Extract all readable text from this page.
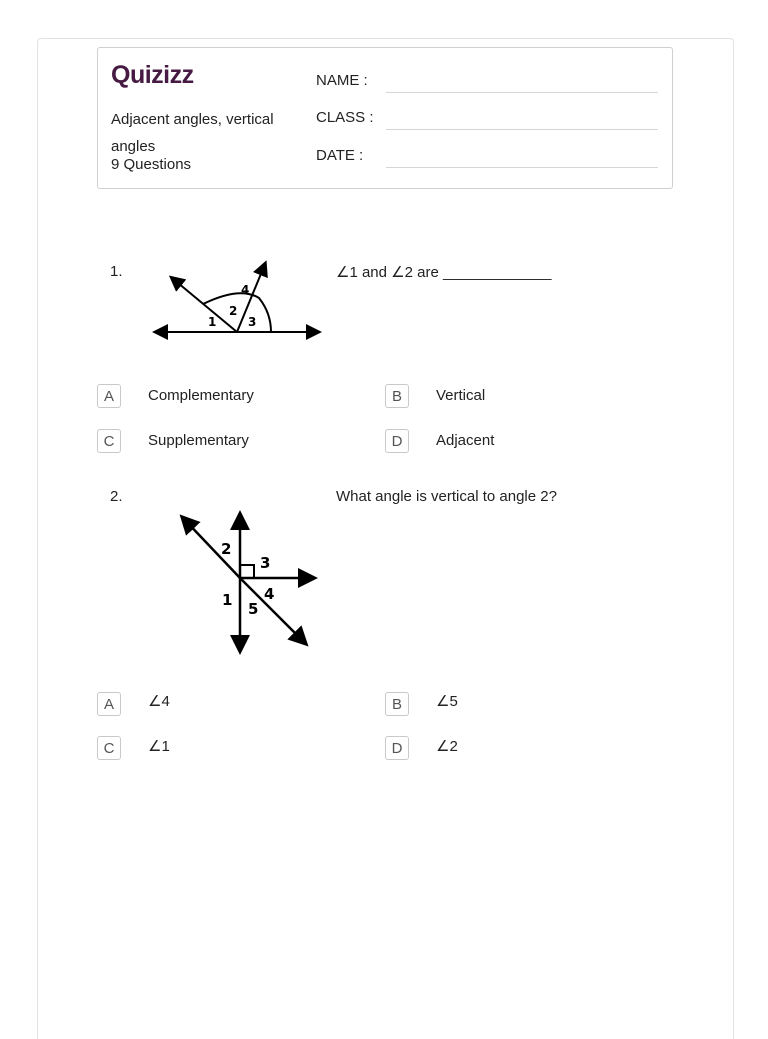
Quizizz
Adjacent angles, vertical angles
9 Questions
NAME :
CLASS :
DATE :
1.	∠1 and ∠2 are _____________
1
2
3
4
A	Complementary	B	Vertical
C	Supplementary	D	Adjacent
2.	What angle is vertical to angle 2?
1
2
3
4
5
A	∠4	B	∠5
C	∠1	D	∠2
